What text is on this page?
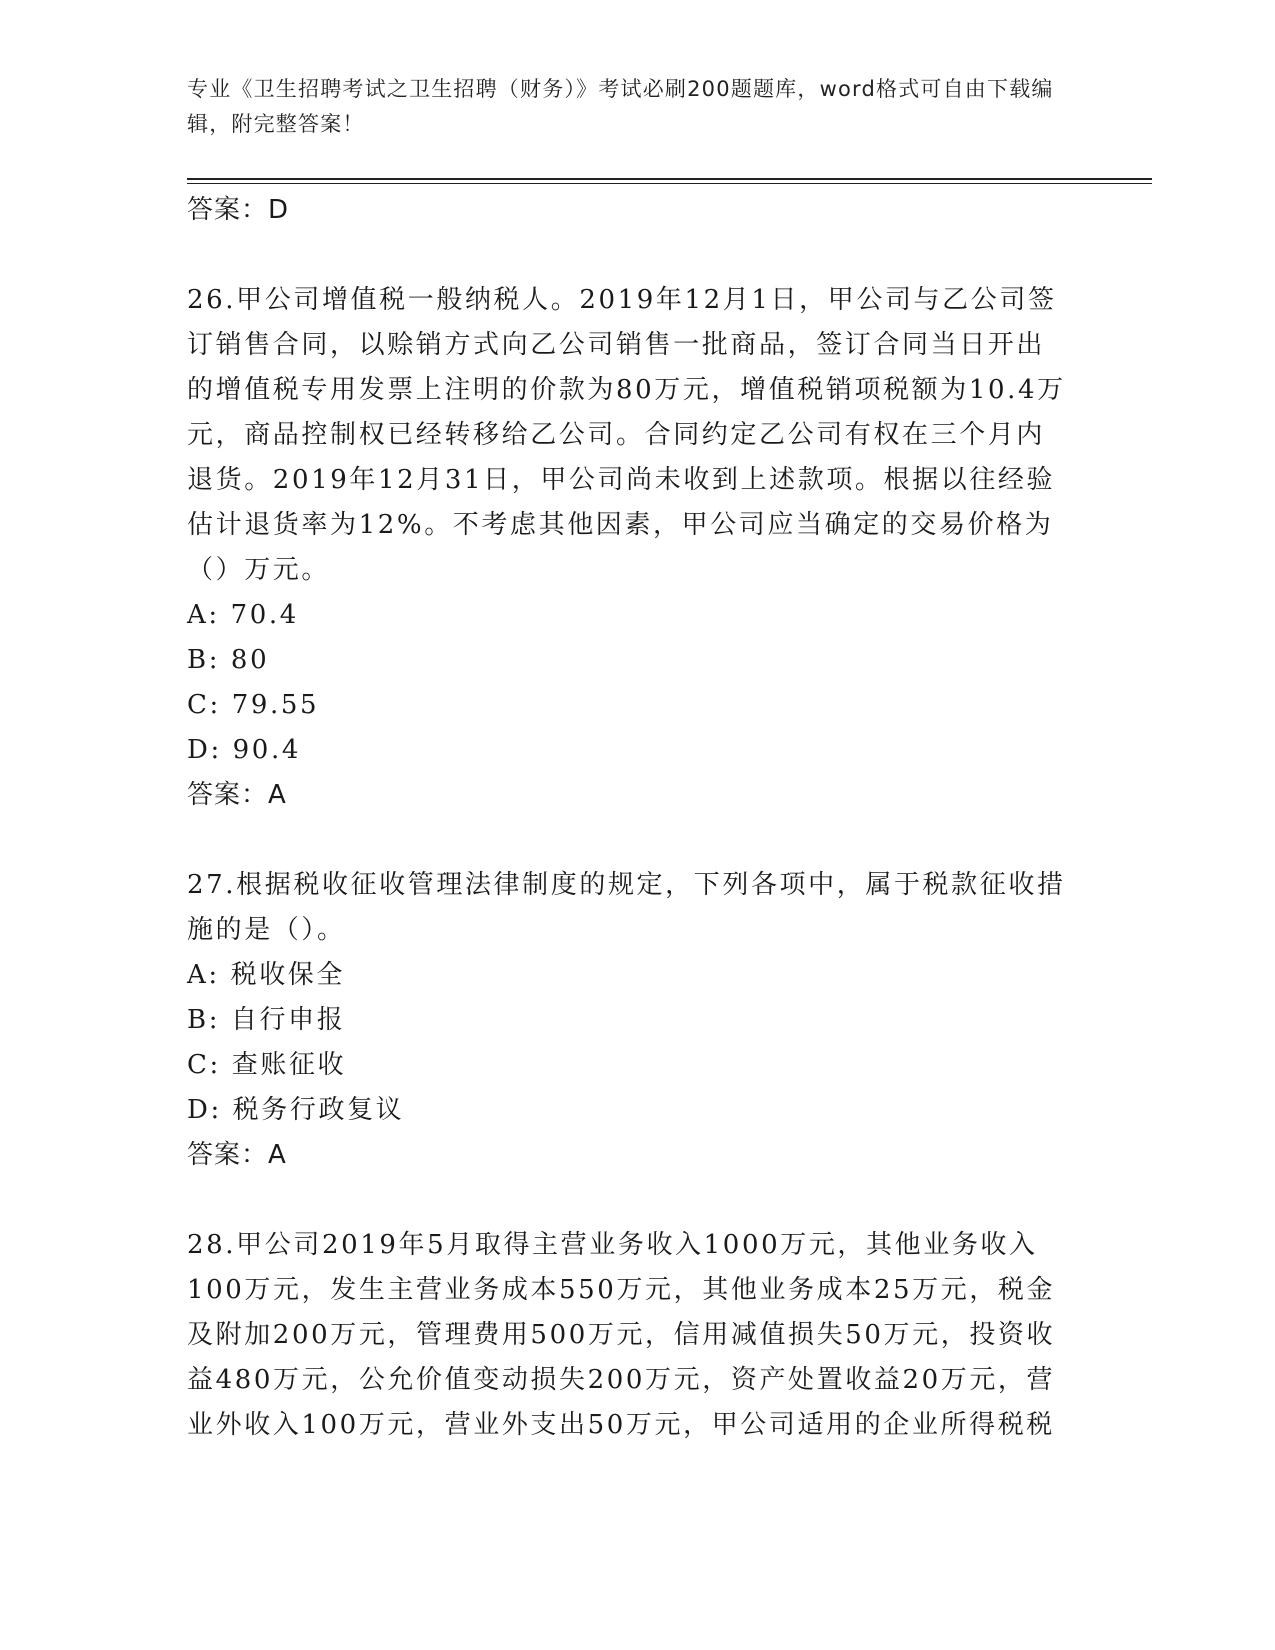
专业《卫生招聘考试之卫生招聘（财务）》考试必刷200题题库，word格式可自由下载编辑，附完整答案！
答案：D

26.甲公司增值税一般纳税人。2019年12月1日，甲公司与乙公司签订销售合同，以赊销方式向乙公司销售一批商品，签订合同当日开出的增值税专用发票上注明的价款为80万元，增值税销项税额为10.4万元，商品控制权已经转移给乙公司。合同约定乙公司有权在三个月内退货。2019年12月31日，甲公司尚未收到上述款项。根据以往经验估计退货率为12%。不考虑其他因素，甲公司应当确定的交易价格为（）万元。

A: 70.4
B: 80
C: 79.55
D: 90.4
答案：A

27.根据税收征收管理法律制度的规定，下列各项中，属于税款征收措施的是（）。

A: 税收保全
B: 自行申报
C: 查账征收
D: 税务行政复议
答案：A

28.甲公司2019年5月取得主营业务收入1000万元，其他业务收入100万元，发生主营业务成本550万元，其他业务成本25万元，税金及附加200万元，管理费用500万元，信用减值损失50万元，投资收益480万元，公允价值变动损失200万元，资产处置收益20万元，营业外收入100万元，营业外支出50万元，甲公司适用的企业所得税税
